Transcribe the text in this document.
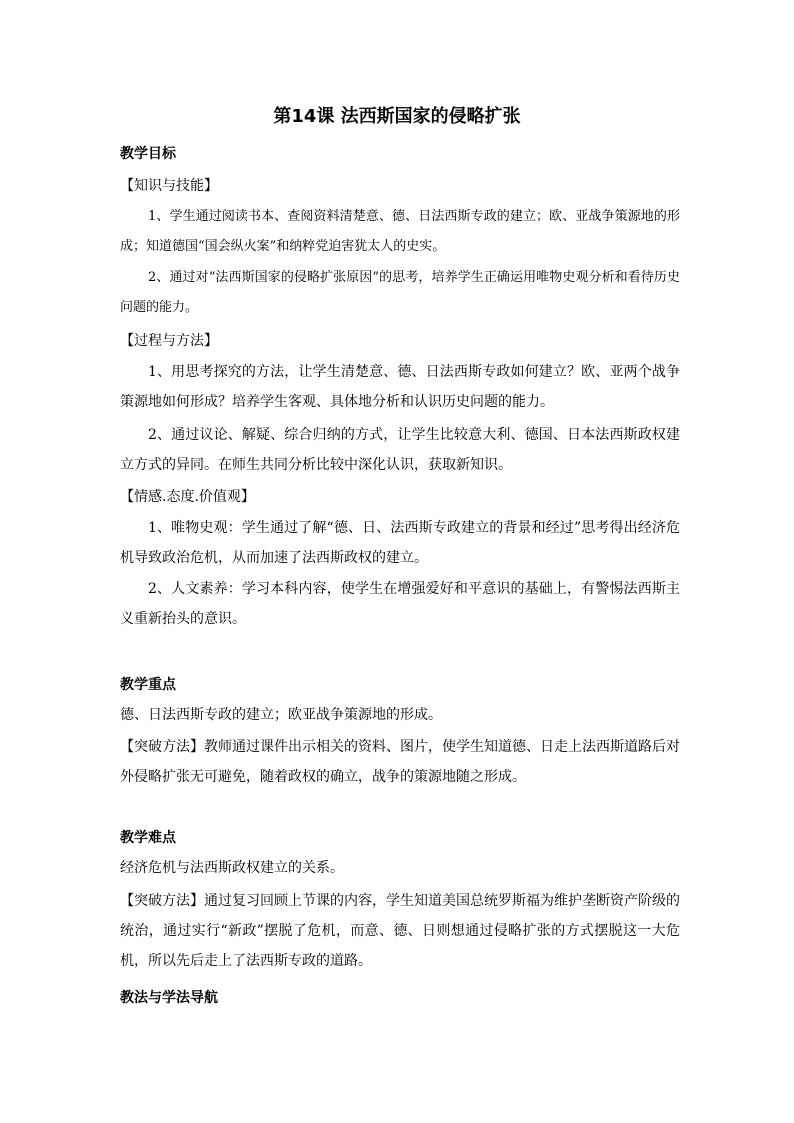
第14课 法西斯国家的侵略扩张

教学目标

【知识与技能】

1、学生通过阅读书本、查阅资料清楚意、德、日法西斯专政的建立；欧、亚战争策源地的形成；知道德国“国会纵火案”和纳粹党迫害犹太人的史实。

2、通过对“法西斯国家的侵略扩张原因”的思考，培养学生正确运用唯物史观分析和看待历史问题的能力。

【过程与方法】

1、用思考探究的方法，让学生清楚意、德、日法西斯专政如何建立？欧、亚两个战争策源地如何形成？培养学生客观、具体地分析和认识历史问题的能力。

2、通过议论、解疑、综合归纳的方式，让学生比较意大利、德国、日本法西斯政权建立方式的异同。在师生共同分析比较中深化认识，获取新知识。

【情感.态度.价值观】

1、唯物史观：学生通过了解“德、日、法西斯专政建立的背景和经过”思考得出经济危机导致政治危机，从而加速了法西斯政权的建立。

2、人文素养：学习本科内容，使学生在增强爱好和平意识的基础上，有警惕法西斯主义重新抬头的意识。

教学重点

德、日法西斯专政的建立；欧亚战争策源地的形成。

【突破方法】教师通过课件出示相关的资料、图片，使学生知道德、日走上法西斯道路后对外侵略扩张无可避免，随着政权的确立，战争的策源地随之形成。

教学难点

经济危机与法西斯政权建立的关系。

【突破方法】通过复习回顾上节课的内容，学生知道美国总统罗斯福为维护垄断资产阶级的统治，通过实行“新政”摆脱了危机，而意、德、日则想通过侵略扩张的方式摆脱这一大危机，所以先后走上了法西斯专政的道路。

教法与学法导航
